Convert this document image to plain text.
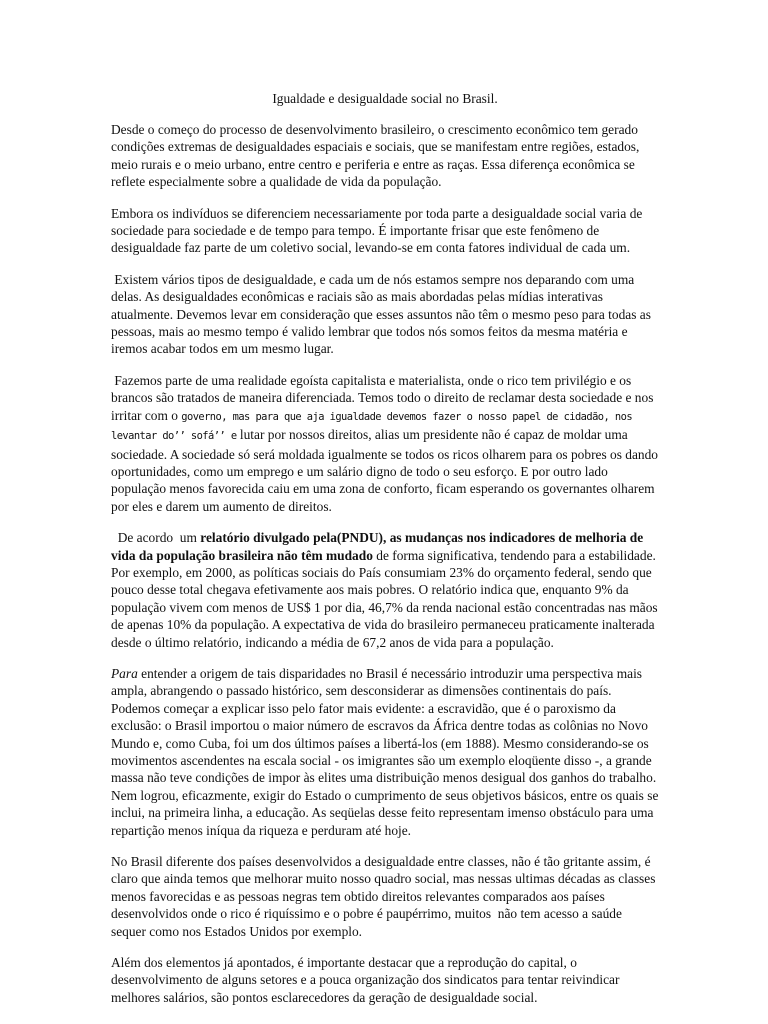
Igualdade e desigualdade social no Brasil.

Desde o começo do processo de desenvolvimento brasileiro, o crescimento econômico tem gerado condições extremas de desigualdades espaciais e sociais, que se manifestam entre regiões, estados, meio rurais e o meio urbano, entre centro e periferia e entre as raças. Essa diferença econômica se reflete especialmente sobre a qualidade de vida da população.

Embora os indivíduos se diferenciem necessariamente por toda parte a desigualdade social varia de sociedade para sociedade e de tempo para tempo. É importante frisar que este fenômeno de desigualdade faz parte de um coletivo social, levando-se em conta fatores individual de cada um.

Existem vários tipos de desigualdade, e cada um de nós estamos sempre nos deparando com uma delas. As desigualdades econômicas e raciais são as mais abordadas pelas mídias interativas atualmente. Devemos levar em consideração que esses assuntos não têm o mesmo peso para todas as pessoas, mais ao mesmo tempo é valido lembrar que todos nós somos feitos da mesma matéria e iremos acabar todos em um mesmo lugar.

Fazemos parte de uma realidade egoísta capitalista e materialista, onde o rico tem privilégio e os brancos são tratados de maneira diferenciada. Temos todo o direito de reclamar desta sociedade e nos irritar com o governo, mas para que aja igualdade devemos fazer o nosso papel de cidadão, nos levantar do’’ sofá’’ e lutar por nossos direitos, alias um presidente não é capaz de moldar uma sociedade. A sociedade só será moldada igualmente se todos os ricos olharem para os pobres os dando oportunidades, como um emprego e um salário digno de todo o seu esforço. E por outro lado população menos favorecida caiu em uma zona de conforto, ficam esperando os governantes olharem por eles e darem um aumento de direitos.

De acordo  um relatório divulgado pela(PNDU), as mudanças nos indicadores de melhoria de vida da população brasileira não têm mudado de forma significativa, tendendo para a estabilidade. Por exemplo, em 2000, as políticas sociais do País consumiam 23% do orçamento federal, sendo que pouco desse total chegava efetivamente aos mais pobres. O relatório indica que, enquanto 9% da população vivem com menos de US$ 1 por dia, 46,7% da renda nacional estão concentradas nas mãos de apenas 10% da população. A expectativa de vida do brasileiro permaneceu praticamente inalterada desde o último relatório, indicando a média de 67,2 anos de vida para a população.

Para entender a origem de tais disparidades no Brasil é necessário introduzir uma perspectiva mais ampla, abrangendo o passado histórico, sem desconsiderar as dimensões continentais do país. Podemos começar a explicar isso pelo fator mais evidente: a escravidão, que é o paroxismo da exclusão: o Brasil importou o maior número de escravos da África dentre todas as colônias no Novo Mundo e, como Cuba, foi um dos últimos países a libertá-los (em 1888). Mesmo considerando-se os movimentos ascendentes na escala social - os imigrantes são um exemplo eloqüente disso -, a grande massa não teve condições de impor às elites uma distribuição menos desigual dos ganhos do trabalho. Nem logrou, eficazmente, exigir do Estado o cumprimento de seus objetivos básicos, entre os quais se inclui, na primeira linha, a educação. As seqüelas desse feito representam imenso obstáculo para uma repartição menos iníqua da riqueza e perduram até hoje.

No Brasil diferente dos países desenvolvidos a desigualdade entre classes, não é tão gritante assim, é claro que ainda temos que melhorar muito nosso quadro social, mas nessas ultimas décadas as classes menos favorecidas e as pessoas negras tem obtido direitos relevantes comparados aos países desenvolvidos onde o rico é riquíssimo e o pobre é paupérrimo, muitos  não tem acesso a saúde sequer como nos Estados Unidos por exemplo.

Além dos elementos já apontados, é importante destacar que a reprodução do capital, o desenvolvimento de alguns setores e a pouca organização dos sindicatos para tentar reivindicar melhores salários, são pontos esclarecedores da geração de desigualdade social.
